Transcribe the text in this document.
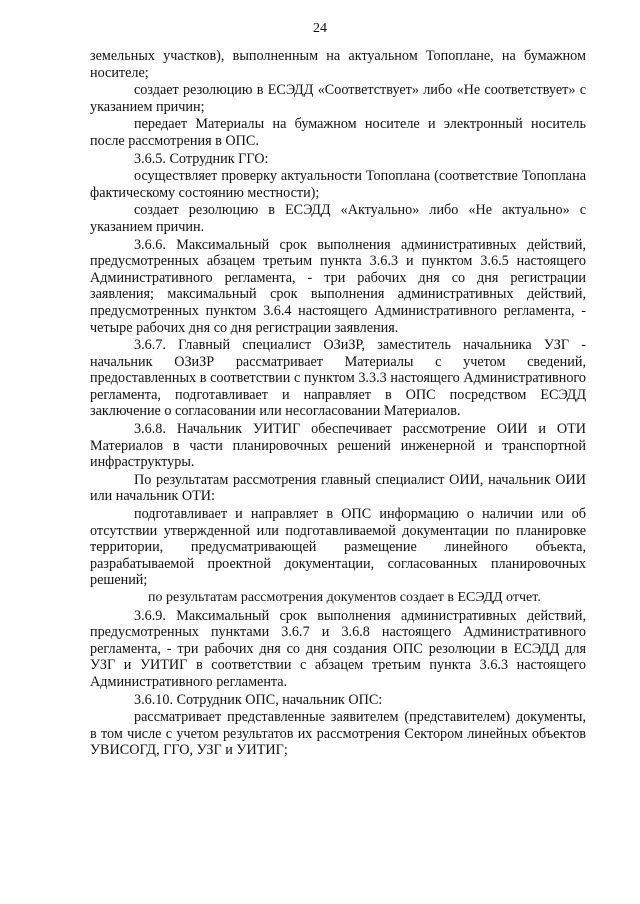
24

земельных участков), выполненным на актуальном Топоплане, на бумажном носителе;

создает резолюцию в ЕСЭДД «Соответствует» либо «Не соответствует» с указанием причин;

передает Материалы на бумажном носителе и электронный носитель после рассмотрения в ОПС.

3.6.5. Сотрудник ГГО:

осуществляет проверку актуальности Топоплана (соответствие Топоплана фактическому состоянию местности);

создает резолюцию в ЕСЭДД «Актуально» либо «Не актуально» с указанием причин.

3.6.6. Максимальный срок выполнения административных действий, предусмотренных абзацем третьим пункта 3.6.3 и пунктом 3.6.5 настоящего Административного регламента, - три рабочих дня со дня регистрации заявления; максимальный срок выполнения административных действий, предусмотренных пунктом 3.6.4 настоящего Административного регламента, - четыре рабочих дня со дня регистрации заявления.

3.6.7. Главный специалист ОЗиЗР, заместитель начальника УЗГ - начальник ОЗиЗР рассматривает Материалы с учетом сведений, предоставленных в соответствии с пунктом 3.3.3 настоящего Административного регламента, подготавливает и направляет в ОПС посредством ЕСЭДД заключение о согласовании или несогласовании Материалов.

3.6.8. Начальник УИТИГ обеспечивает рассмотрение ОИИ и ОТИ Материалов в части планировочных решений инженерной и транспортной инфраструктуры.

По результатам рассмотрения главный специалист ОИИ, начальник ОИИ или начальник ОТИ:

подготавливает и направляет в ОПС информацию о наличии или об отсутствии утвержденной или подготавливаемой документации по планировке территории, предусматривающей размещение линейного объекта, разрабатываемой проектной документации, согласованных планировочных решений;

по результатам рассмотрения документов создает в ЕСЭДД отчет.

3.6.9. Максимальный срок выполнения административных действий, предусмотренных пунктами 3.6.7 и 3.6.8 настоящего Административного регламента, - три рабочих дня со дня создания ОПС резолюции в ЕСЭДД для УЗГ и УИТИГ в соответствии с абзацем третьим пункта 3.6.3 настоящего Административного регламента.

3.6.10. Сотрудник ОПС, начальник ОПС:

рассматривает представленные заявителем (представителем) документы, в том числе с учетом результатов их рассмотрения Сектором линейных объектов УВИСОГД, ГГО, УЗГ и УИТИГ;
